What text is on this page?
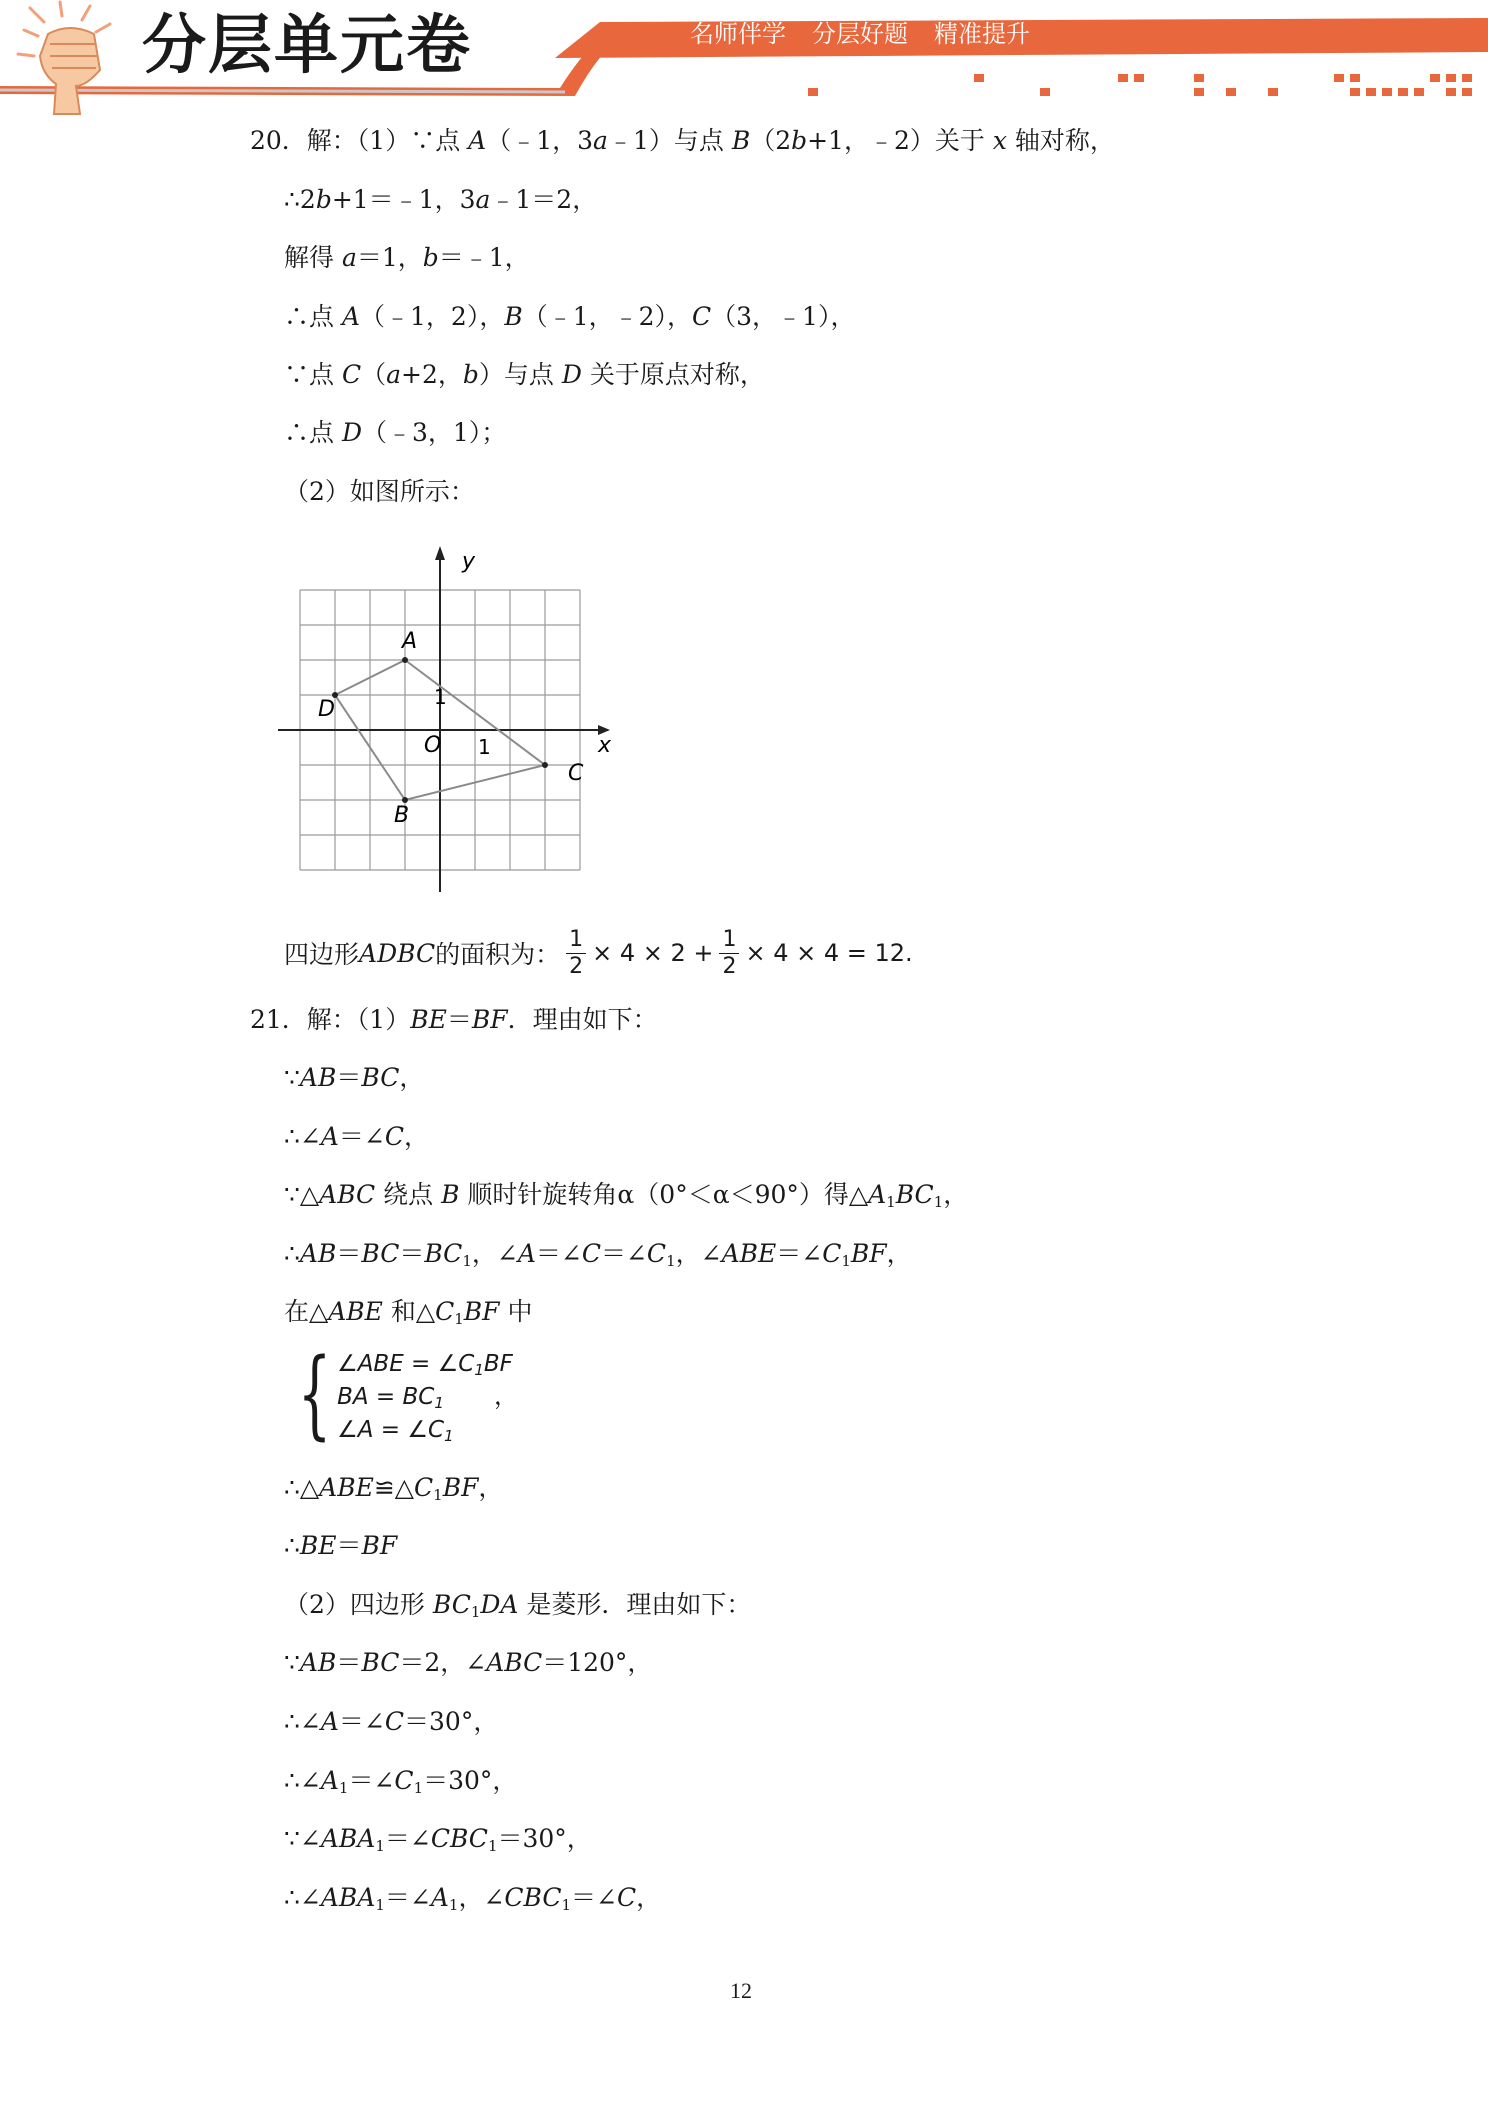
分层单元卷	名师伴学 分层好题 精准提升
20．解：（1）∵点 A（﹣1，3a﹣1）与点 B（2b+1，﹣2）关于 x 轴对称，
∴2b+1＝﹣1，3a﹣1＝2，
解得 a＝1，b＝﹣1，
∴点 A（﹣1，2），B（﹣1，﹣2），C（3，﹣1），
∵点 C（a+2，b）与点 D 关于原点对称，
∴点 D（﹣3，1）；
（2）如图所示：
y
x
O 1
1
A
B
C
D
四边形 ADBC 的面积为： $\frac{1}{2} \times 4 \times 2 + \frac{1}{2} \times 4 \times 4 = 12$.
21．解：（1）BE＝BF．理由如下：
∵AB＝BC，
∴∠A＝∠C，
∵△ABC 绕点 B 顺时针旋转角α（0°＜α＜90°）得$\triangle A_1BC_1$，
$\therefore AB=BC=BC_1$，$\angle A=\angle C=\angle C_1$，$\angle ABE=\angle C_1BF$，
在△ABE 和$\triangle C_1BF$ 中
{ ∠ABE = $\angle C_1BF$
BA = $BC_1$
∠A = $\angle C_1$
，
$\therefore\triangle ABE≌\triangle C_1BF$，
∴BE＝BF
（2）四边形 $BC_1DA$ 是菱形．理由如下：
∵AB＝BC＝2，∠ABC＝120°，
∴∠A＝∠C＝30°，
$\therefore\angle A_1=\angle C_1=30^\circ$，
$\because\angle ABA_1=\angle CBC_1=30^\circ$，
$\therefore\angle ABA_1=\angle A_1$，$\angle CBC_1=\angle C$，
12
